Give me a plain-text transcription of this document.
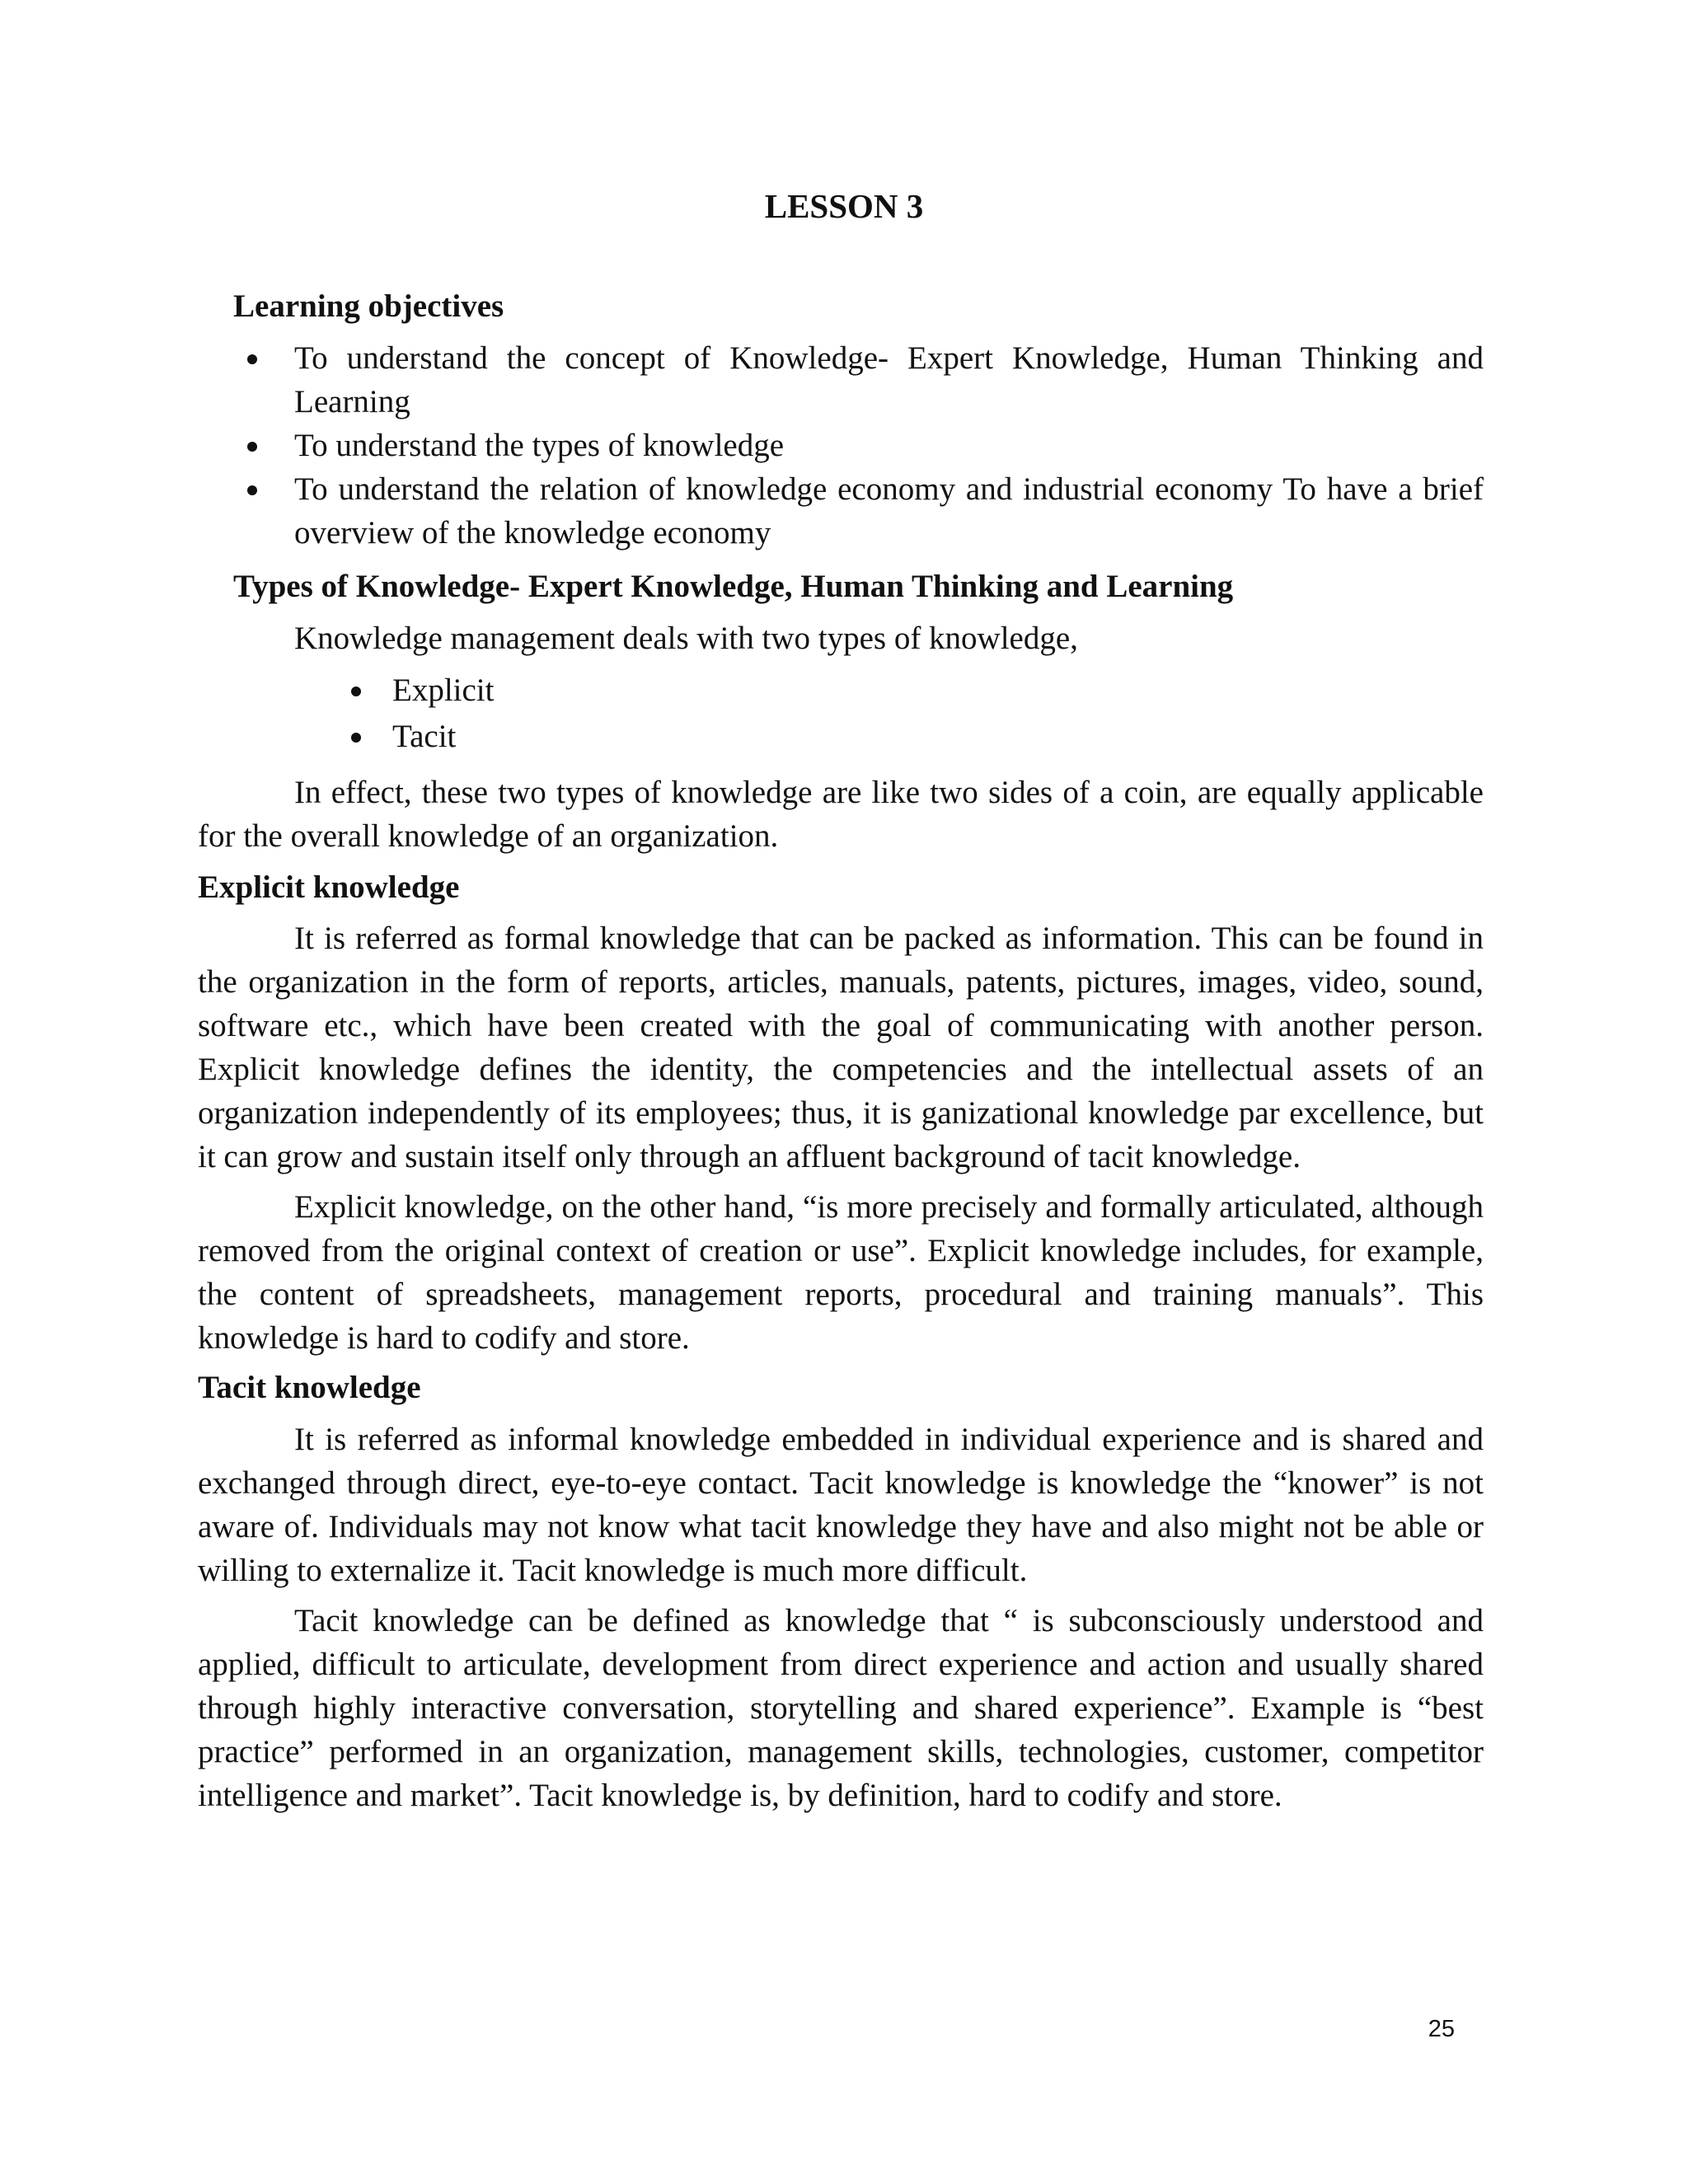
LESSON 3

Learning objectives

To understand the concept of Knowledge- Expert Knowledge, Human Thinking and Learning
To understand the types of knowledge
To understand the relation of knowledge economy and industrial economy To have a brief overview of the knowledge economy

Types of Knowledge- Expert Knowledge, Human Thinking and Learning

Knowledge management deals with two types of knowledge,

Explicit
Tacit

In effect, these two types of knowledge are like two sides of a coin, are equally applicable for the overall knowledge of an organization.

Explicit knowledge

It is referred as formal knowledge that can be packed as information. This can be found in the organization in the form of reports, articles, manuals, patents, pictures, images, video, sound, software etc., which have been created with the goal of communicating with another person. Explicit knowledge defines the identity, the competencies and the intellectual assets of an organization independently of its employees; thus, it is ganizational knowledge par excellence, but it can grow and sustain itself only through an affluent background of tacit knowledge.

Explicit knowledge, on the other hand, “is more precisely and formally articulated, although removed from the original context of creation or use”. Explicit knowledge includes, for example, the content of spreadsheets, management reports, procedural and training manuals”. This knowledge is hard to codify and store.

Tacit knowledge

It is referred as informal knowledge embedded in individual experience and is shared and exchanged through direct, eye-to-eye contact. Tacit knowledge is knowledge the “knower” is not aware of. Individuals may not know what tacit knowledge they have and also might not be able or willing to externalize it. Tacit knowledge is much more difficult.

Tacit knowledge can be defined as knowledge that “ is subconsciously understood and applied, difficult to articulate, development from direct experience and action and usually shared through highly interactive conversation, storytelling and shared experience”. Example is “best practice” performed in an organization, management skills, technologies, customer, competitor intelligence and market”. Tacit knowledge is, by definition, hard to codify and store.

25
